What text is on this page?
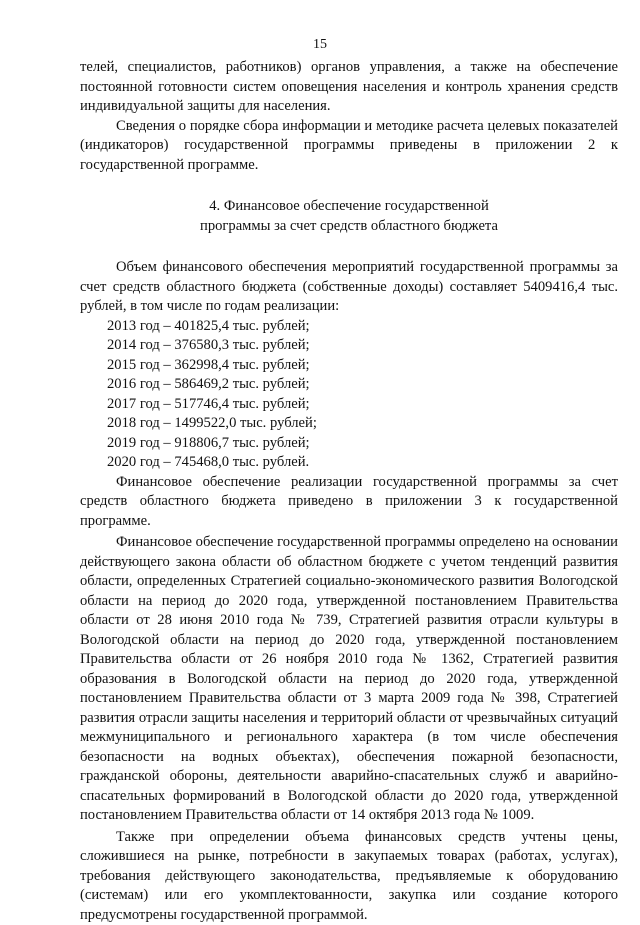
15

телей, специалистов, работников) органов управления, а также на обеспечение постоянной готовности систем оповещения населения и контроль хранения средств индивидуальной защиты для населения.

Сведения о порядке сбора информации и методике расчета целевых показателей (индикаторов) государственной программы приведены в приложении 2 к государственной программе.

4. Финансовое обеспечение государственной
программы за счет средств областного бюджета

Объем финансового обеспечения мероприятий государственной программы за счет средств областного бюджета (собственные доходы) составляет 5409416,4 тыс. рублей, в том числе по годам реализации:

2013 год – 401825,4 тыс. рублей;
2014 год – 376580,3 тыс. рублей;
2015 год – 362998,4 тыс. рублей;
2016 год – 586469,2 тыс. рублей;
2017 год – 517746,4 тыс. рублей;
2018 год – 1499522,0 тыс. рублей;
2019 год – 918806,7 тыс. рублей;
2020 год – 745468,0 тыс. рублей.

Финансовое обеспечение реализации государственной программы за счет средств областного бюджета приведено в приложении 3 к государственной программе.

Финансовое обеспечение государственной программы определено на основании действующего закона области об областном бюджете с учетом тенденций развития области, определенных Стратегией социально-экономического развития Вологодской области на период до 2020 года, утвержденной постановлением Правительства области от 28 июня 2010 года № 739, Стратегией развития отрасли культуры в Вологодской области на период до 2020 года, утвержденной постановлением Правительства области от 26 ноября 2010 года № 1362, Стратегией развития образования в Вологодской области на период до 2020 года, утвержденной постановлением Правительства области от 3 марта 2009 года № 398, Стратегией развития отрасли защиты населения и территорий области от чрезвычайных ситуаций межмуниципального и регионального характера (в том числе обеспечения безопасности на водных объектах), обеспечения пожарной безопасности, гражданской обороны, деятельности аварийно-спасательных служб и аварийно-спасательных формирований в Вологодской области до 2020 года, утвержденной постановлением Правительства области от 14 октября 2013 года № 1009.

Также при определении объема финансовых средств учтены цены, сложившиеся на рынке, потребности в закупаемых товарах (работах, услугах), требования действующего законодательства, предъявляемые к оборудованию (системам) или его укомплектованности, закупка или создание которого предусмотрены государственной программой.
